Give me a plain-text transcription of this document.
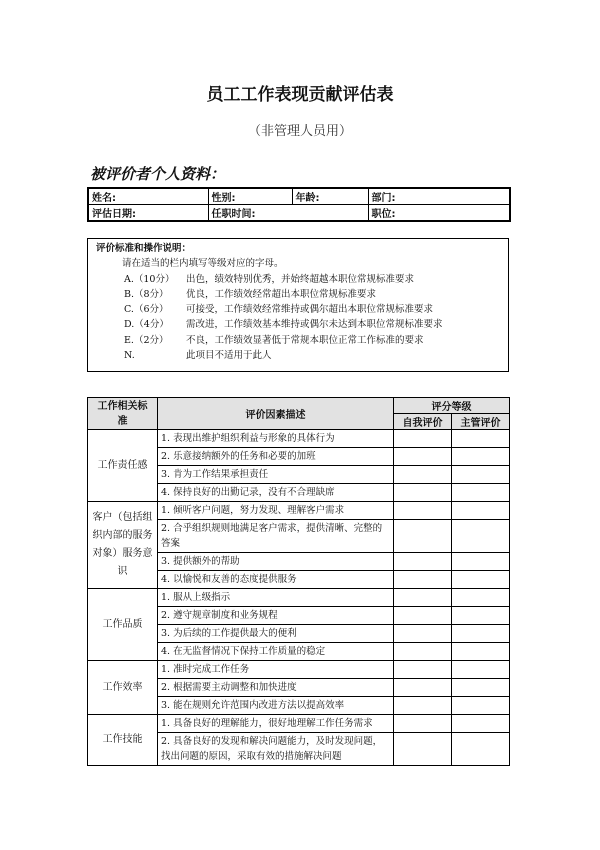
员工工作表现贡献评估表
（非管理人员用）
被评价者个人资料：
姓名:	性别:	年龄:	部门:
评估日期:	任职时间:		职位:
评价标准和操作说明：
请在适当的栏内填写等级对应的字母。
A.（10分） 出色，绩效特别优秀，并始终超越本职位常规标准要求
B.（8分） 优良，工作绩效经常超出本职位常规标准要求
C.（6分） 可接受，工作绩效经常维持或偶尔超出本职位常规标准要求
D.（4分） 需改进，工作绩效基本维持或偶尔未达到本职位常规标准要求
E.（2分） 不良，工作绩效显著低于常规本职位正常工作标准的要求
N.	此项目不适用于此人
工作相关标准	评价因素描述	评分等级	
		自我评价	主管评价
工作责任感	1. 表现出维护组织利益与形象的具体行为		
	2. 乐意接纳额外的任务和必要的加班		
	3. 肯为工作结果承担责任		
	4. 保持良好的出勤记录，没有不合理缺席		
客户（包括组织内部的服务对象）服务意识	1. 倾听客户问题，努力发现、理解客户需求		
	2. 合乎组织规则地满足客户需求，提供清晰、完整的答案		
	3. 提供额外的帮助		
	4. 以愉悦和友善的态度提供服务		
工作品质	1. 服从上级指示		
	2. 遵守规章制度和业务规程		
	3. 为后续的工作提供最大的便利		
	4. 在无监督情况下保持工作质量的稳定		
工作效率	1. 准时完成工作任务		
	2. 根据需要主动调整和加快进度		
	3. 能在规则允许范围内改进方法以提高效率		
工作技能	1. 具备良好的理解能力，很好地理解工作任务需求		
	2. 具备良好的发现和解决问题能力，及时发现问题，找出问题的原因，采取有效的措施解决问题		
